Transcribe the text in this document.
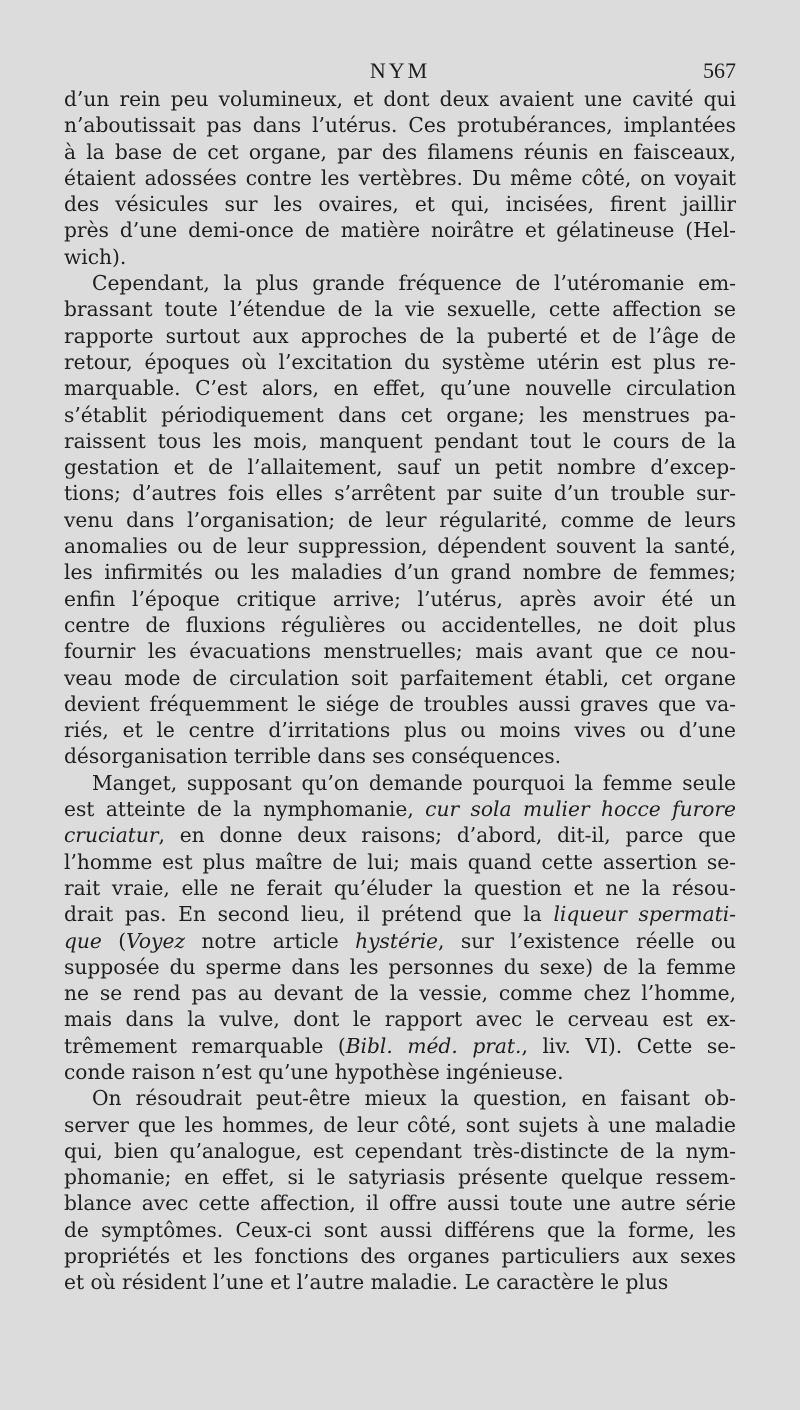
NYM	567
d’un rein peu volumineux, et dont deux avaient une cavité qui
n’aboutissait pas dans l’utérus. Ces protubérances, implantées
à la base de cet organe, par des filamens réunis en faisceaux,
étaient adossées contre les vertèbres. Du même côté, on voyait
des vésicules sur les ovaires, et qui, incisées, firent jaillir
près d’une demi-once de matière noirâtre et gélatineuse (Hel-
wich).
Cependant, la plus grande fréquence de l’utéromanie em-
brassant toute l’étendue de la vie sexuelle, cette affection se
rapporte surtout aux approches de la puberté et de l’âge de
retour, époques où l’excitation du système utérin est plus re-
marquable. C’est alors, en effet, qu’une nouvelle circulation
s’établit périodiquement dans cet organe; les menstrues pa-
raissent tous les mois, manquent pendant tout le cours de la
gestation et de l’allaitement, sauf un petit nombre d’excep-
tions; d’autres fois elles s’arrêtent par suite d’un trouble sur-
venu dans l’organisation; de leur régularité, comme de leurs
anomalies ou de leur suppression, dépendent souvent la santé,
les infirmités ou les maladies d’un grand nombre de femmes;
enfin l’époque critique arrive; l’utérus, après avoir été un
centre de fluxions régulières ou accidentelles, ne doit plus
fournir les évacuations menstruelles; mais avant que ce nou-
veau mode de circulation soit parfaitement établi, cet organe
devient fréquemment le siége de troubles aussi graves que va-
riés, et le centre d’irritations plus ou moins vives ou d’une
désorganisation terrible dans ses conséquences.
Manget, supposant qu’on demande pourquoi la femme seule
est atteinte de la nymphomanie, cur sola mulier hocce furore
cruciatur, en donne deux raisons; d’abord, dit-il, parce que
l’homme est plus maître de lui; mais quand cette assertion se-
rait vraie, elle ne ferait qu’éluder la question et ne la résou-
drait pas. En second lieu, il prétend que la liqueur spermati-
que (Voyez notre article hystérie, sur l’existence réelle ou
supposée du sperme dans les personnes du sexe) de la femme
ne se rend pas au devant de la vessie, comme chez l’homme,
mais dans la vulve, dont le rapport avec le cerveau est ex-
trêmement remarquable (Bibl. méd. prat., liv. VI). Cette se-
conde raison n’est qu’une hypothèse ingénieuse.
On résoudrait peut-être mieux la question, en faisant ob-
server que les hommes, de leur côté, sont sujets à une maladie
qui, bien qu’analogue, est cependant très-distincte de la nym-
phomanie; en effet, si le satyriasis présente quelque ressem-
blance avec cette affection, il offre aussi toute une autre série
de symptômes. Ceux-ci sont aussi différens que la forme, les
propriétés et les fonctions des organes particuliers aux sexes
et où résident l’une et l’autre maladie. Le caractère le plus
